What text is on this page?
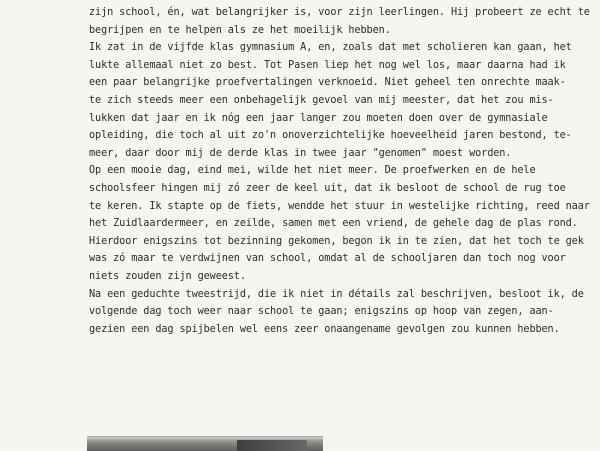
zijn school, én, wat belangrijker is, voor zijn leerlingen. Hij probeert ze echt te
begrijpen en te helpen als ze het moeilijk hebben.
Ik zat in de vijfde klas gymnasium A, en, zoals dat met scholieren kan gaan, het
lukte allemaal niet zo best. Tot Pasen liep het nog wel los, maar daarna had ik
een paar belangrijke proefvertalingen verknoeid. Niet geheel ten onrechte maak-
te zich steeds meer een onbehagelijk gevoel van mij meester, dat het zou mis-
lukken dat jaar en ik nóg een jaar langer zou moeten doen over de gymnasiale
opleiding, die toch al uit zo'n onoverzichtelijke hoeveelheid jaren bestond, te-
meer, daar door mij de derde klas in twee jaar "genomen" moest worden.
Op een mooie dag, eind mei, wilde het niet meer. De proefwerken en de hele
schoolsfeer hingen mij zó zeer de keel uit, dat ik besloot de school de rug toe
te keren. Ik stapte op de fiets, wendde het stuur in westelijke richting, reed naar
het Zuidlaardermeer, en zeilde, samen met een vriend, de gehele dag de plas rond.
Hierdoor enigszins tot bezinning gekomen, begon ik in te zien, dat het toch te gek
was zó maar te verdwijnen van school, omdat al de schooljaren dan toch nog voor
niets zouden zijn geweest.
Na een geduchte tweestrijd, die ik niet in détails zal beschrijven, besloot ik, de
volgende dag toch weer naar school te gaan; enigszins op hoop van zegen, aan-
gezien een dag spijbelen wel eens zeer onaangename gevolgen zou kunnen hebben.
